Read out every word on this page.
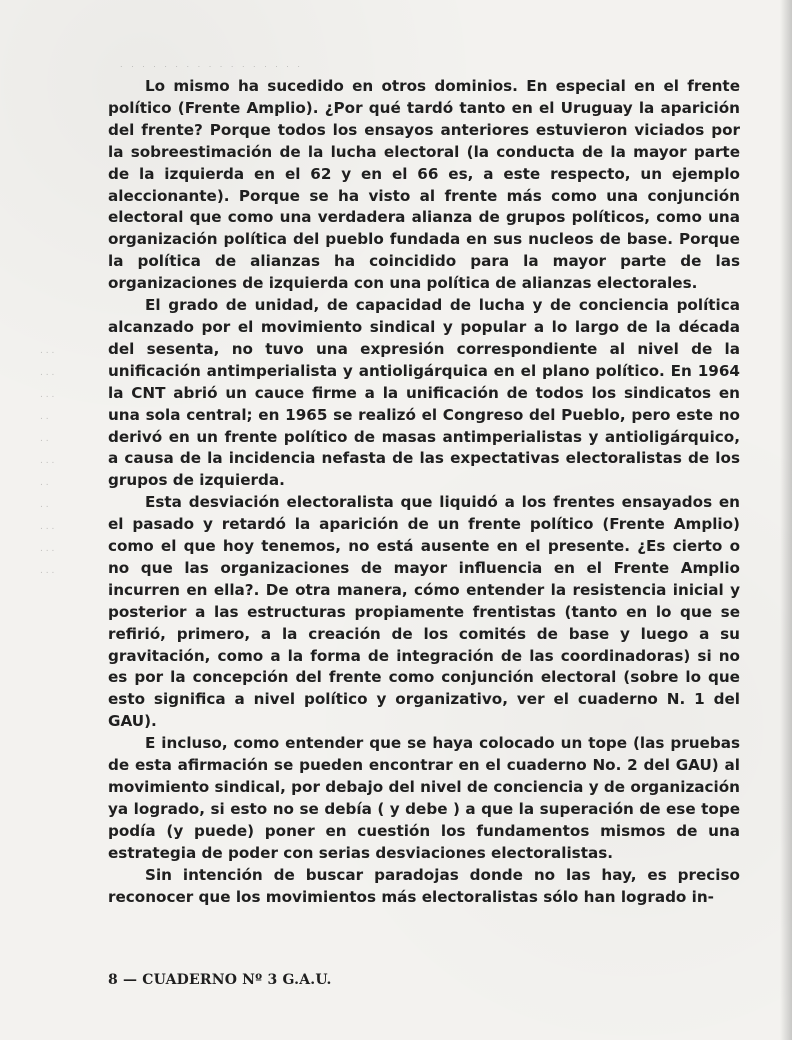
. . . . . . . . . . . . . . . . .
. . .
. . .
. . .
. .
. .
. . .
. .
. .
. . .
. . .
. . .

Lo mismo ha sucedido en otros dominios. En especial en el frente político (Frente Amplio). ¿Por qué tardó tanto en el Uruguay la aparición del frente? Porque todos los ensayos anteriores estuvieron viciados por la sobreestimación de la lucha electoral (la conducta de la mayor parte de la izquierda en el 62 y en el 66 es, a este respecto, un ejemplo aleccionante). Porque se ha visto al frente más como una conjunción electoral que como una verdadera alianza de grupos políticos, como una organización política del pueblo fundada en sus nucleos de base. Porque la política de alianzas ha coincidido para la mayor parte de las organizaciones de izquierda con una política de alianzas electorales.

El grado de unidad, de capacidad de lucha y de conciencia política alcanzado por el movimiento sindical y popular a lo largo de la década del sesenta, no tuvo una expresión correspondiente al nivel de la unificación antimperialista y antioligárquica en el plano político. En 1964 la CNT abrió un cauce firme a la unificación de todos los sindicatos en una sola central; en 1965 se realizó el Congreso del Pueblo, pero este no derivó en un frente político de masas antimperialistas y antioligárquico, a causa de la incidencia nefasta de las expectativas electoralistas de los grupos de izquierda.

Esta desviación electoralista que liquidó a los frentes ensayados en el pasado y retardó la aparición de un frente político (Frente Amplio) como el que hoy tenemos, no está ausente en el presente. ¿Es cierto o no que las organizaciones de mayor influencia en el Frente Amplio incurren en ella?. De otra manera, cómo entender la resistencia inicial y posterior a las estructuras propiamente frentistas (tanto en lo que se refirió, primero, a la creación de los comités de base y luego a su gravitación, como a la forma de integración de las coordinadoras) si no es por la concepción del frente como conjunción electoral (sobre lo que esto significa a nivel político y organizativo, ver el cuaderno N. 1 del GAU).

E incluso, como entender que se haya colocado un tope (las pruebas de esta afirmación se pueden encontrar en el cuaderno No. 2 del GAU) al movimiento sindical, por debajo del nivel de conciencia y de organización ya logrado, si esto no se debía ( y debe ) a que la superación de ese tope podía (y puede) poner en cuestión los fundamentos mismos de una estrategia de poder con serias desviaciones electoralistas.

Sin intención de buscar paradojas donde no las hay, es preciso reconocer que los movimientos más electoralistas sólo han logrado in-

8 — CUADERNO Nº 3 G.A.U.
